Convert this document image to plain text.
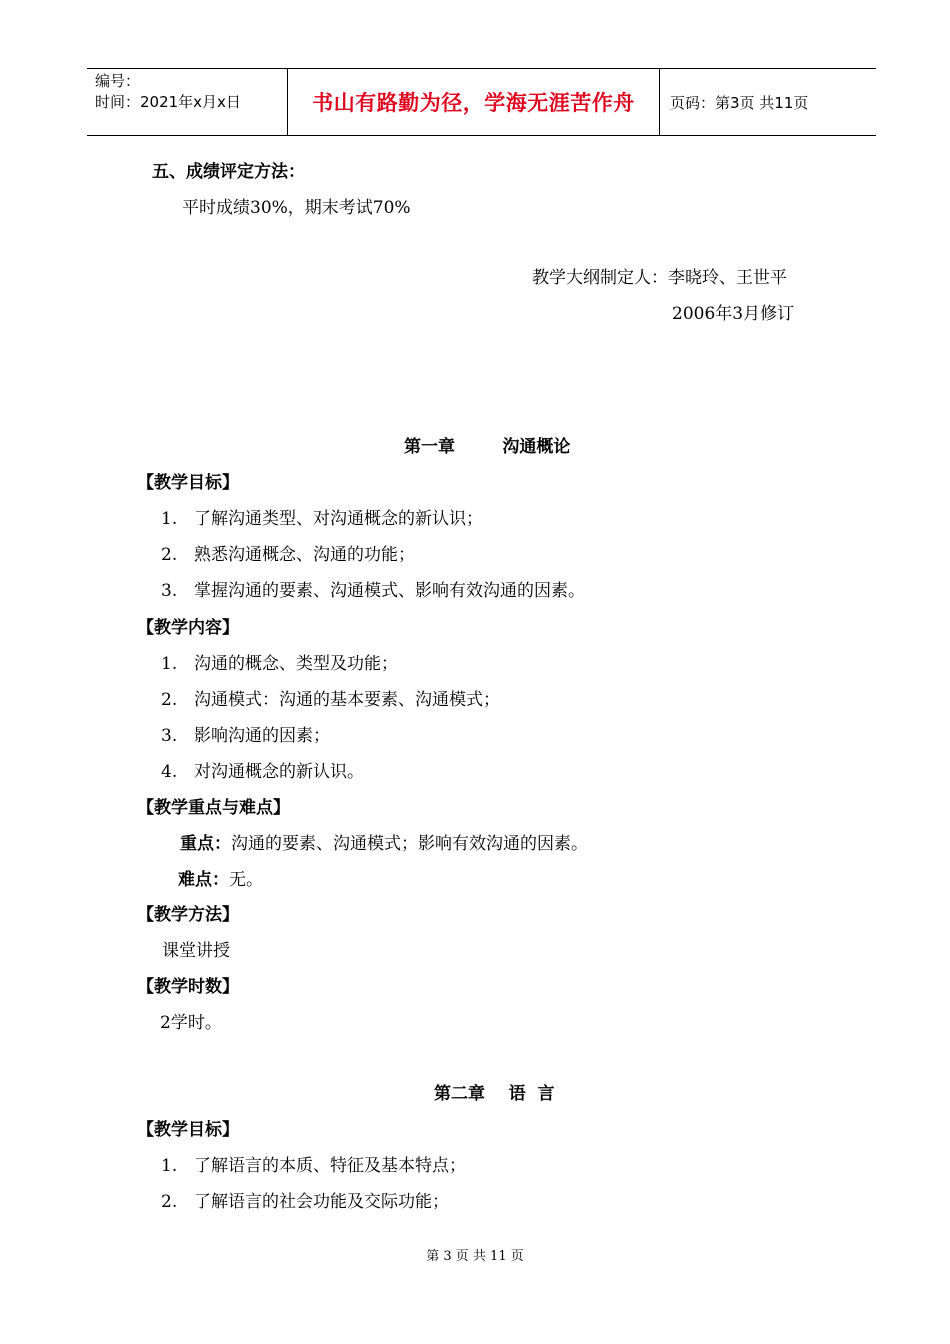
编号：
时间：2021年x月x日	书山有路勤为径，学海无涯苦作舟 页码：第3页 共11页
五、成绩评定方法：
平时成绩30%，期末考试70%
教学大纲制定人：李晓玲、王世平
2006年3月修订
第一章        沟通概论
【教学目标】
1. 了解沟通类型、对沟通概念的新认识；
2. 熟悉沟通概念、沟通的功能；
3. 掌握沟通的要素、沟通模式、影响有效沟通的因素。
【教学内容】
1. 沟通的概念、类型及功能；
2. 沟通模式：沟通的基本要素、沟通模式；
3. 影响沟通的因素；
4. 对沟通概念的新认识。
【教学重点与难点】
重点：沟通的要素、沟通模式；影响有效沟通的因素。
难点：无。
【教学方法】
课堂讲授
【教学时数】
2学时。
第二章    语  言
【教学目标】
1. 了解语言的本质、特征及基本特点；
2. 了解语言的社会功能及交际功能；
第 3 页 共 11 页
